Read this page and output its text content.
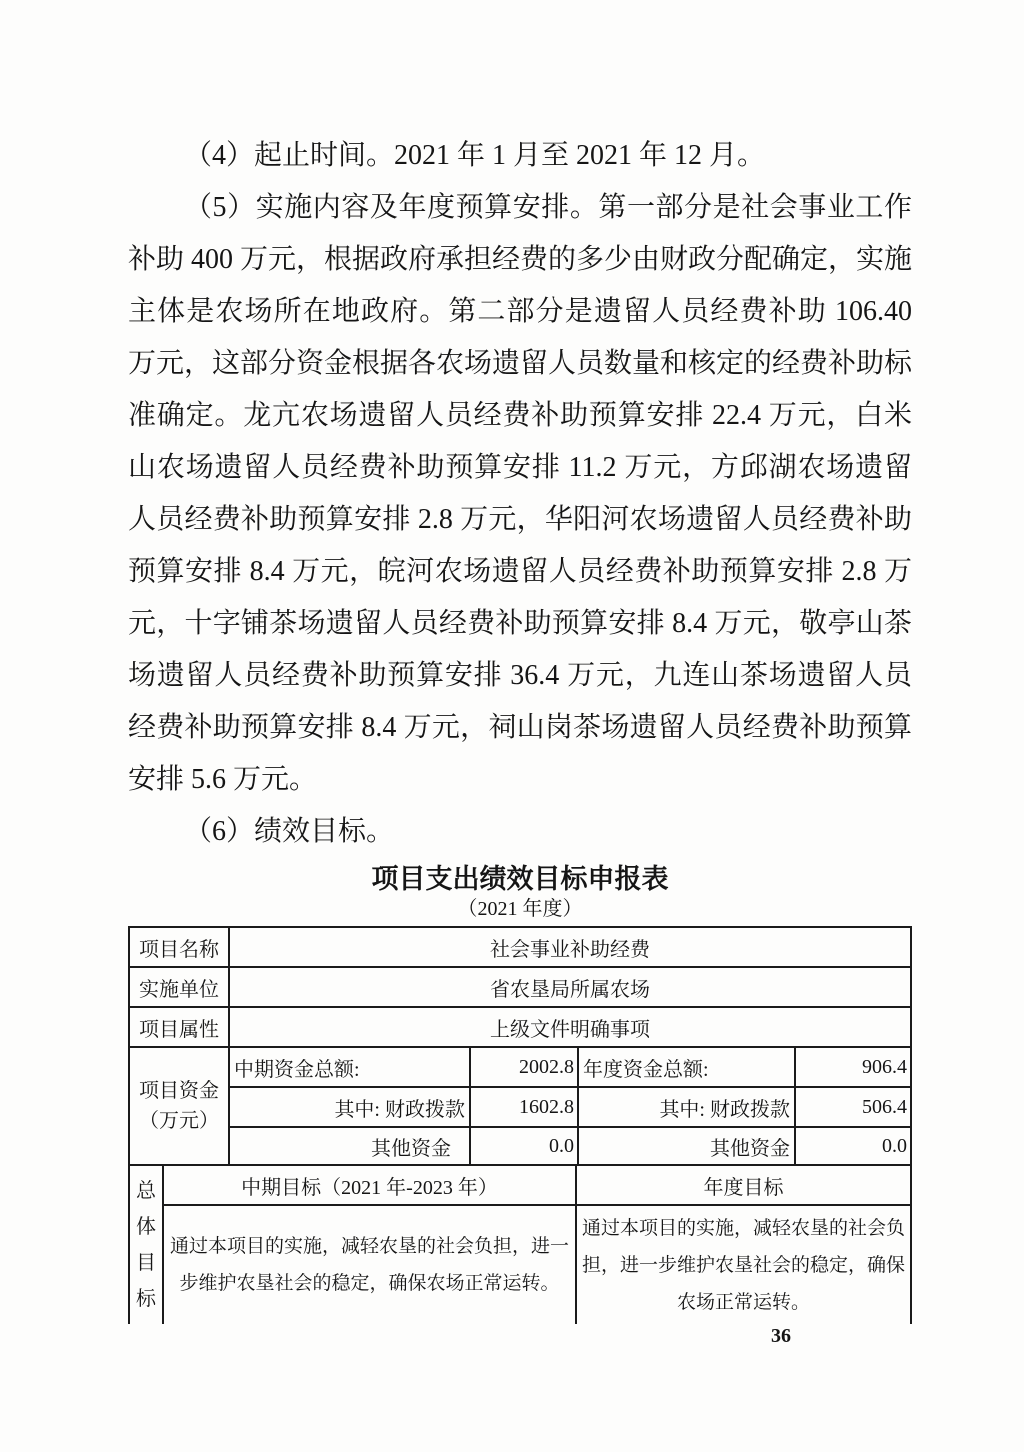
（4）起止时间。2021 年 1 月至 2021 年 12 月。

（5）实施内容及年度预算安排。第一部分是社会事业工作补助 400 万元，根据政府承担经费的多少由财政分配确定，实施主体是农场所在地政府。第二部分是遗留人员经费补助 106.40 万元，这部分资金根据各农场遗留人员数量和核定的经费补助标准确定。龙亢农场遗留人员经费补助预算安排 22.4 万元，白米山农场遗留人员经费补助预算安排 11.2 万元，方邱湖农场遗留人员经费补助预算安排 2.8 万元，华阳河农场遗留人员经费补助预算安排 8.4 万元，皖河农场遗留人员经费补助预算安排 2.8 万元，十字铺茶场遗留人员经费补助预算安排 8.4 万元，敬亭山茶场遗留人员经费补助预算安排 36.4 万元，九连山茶场遗留人员经费补助预算安排 8.4 万元，祠山岗茶场遗留人员经费补助预算安排 5.6 万元。

（6）绩效目标。

项目支出绩效目标申报表

（2021 年度）

项目名称	社会事业补助经费
实施单位	省农垦局所属农场
项目属性	上级文件明确事项
项目资金（万元）
中期资金总额:	2002.8 年度资金总额:	906.4
其中: 财政拨款	1602.8	其中: 财政拨款	506.4
其他资金	0.0	其他资金	0.0
总体目标
中期目标（2021 年-2023 年）	年度目标
通过本项目的实施，减轻农垦的社会负担，进一步维护农垦社会的稳定，确保农场正常运转。
通过本项目的实施，减轻农垦的社会负担，进一步维护农垦社会的稳定，确保农场正常运转。
36
